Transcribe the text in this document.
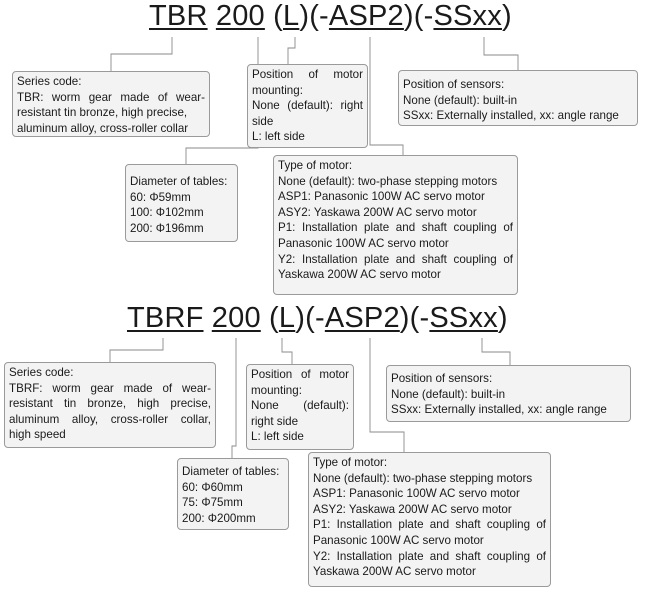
TBR 200 (L)(-ASP2)(-SSxx)
Series code:
TBR: worm gear made of wear-
resistant tin bronze, high precise,
aluminum alloy, cross-roller collar
Diameter of tables:
60: Φ59mm
100: Φ102mm
200: Φ196mm
Position of motor
mounting:
None (default): right
side
L: left side
Type of motor:
None (default): two-phase stepping motors
ASP1: Panasonic 100W AC servo motor
ASY2: Yaskawa 200W AC servo motor
P1: Installation plate and shaft coupling of
Panasonic 100W AC servo motor
Y2: Installation plate and shaft coupling of
Yaskawa 200W AC servo motor
Position of sensors:
None (default): built-in
SSxx: Externally installed, xx: angle range
TBRF 200 (L)(-ASP2)(-SSxx)
Series code:
TBRF: worm gear made of wear-
resistant tin bronze, high precise,
aluminum alloy, cross-roller collar,
high speed
Diameter of tables:
60: Φ60mm
75: Φ75mm
200: Φ200mm
Position of motor
mounting:
None (default):
right side
L: left side
Type of motor:
None (default): two-phase stepping motors
ASP1: Panasonic 100W AC servo motor
ASY2: Yaskawa 200W AC servo motor
P1: Installation plate and shaft coupling of
Panasonic 100W AC servo motor
Y2: Installation plate and shaft coupling of
Yaskawa 200W AC servo motor
Position of sensors:
None (default): built-in
SSxx: Externally installed, xx: angle range
